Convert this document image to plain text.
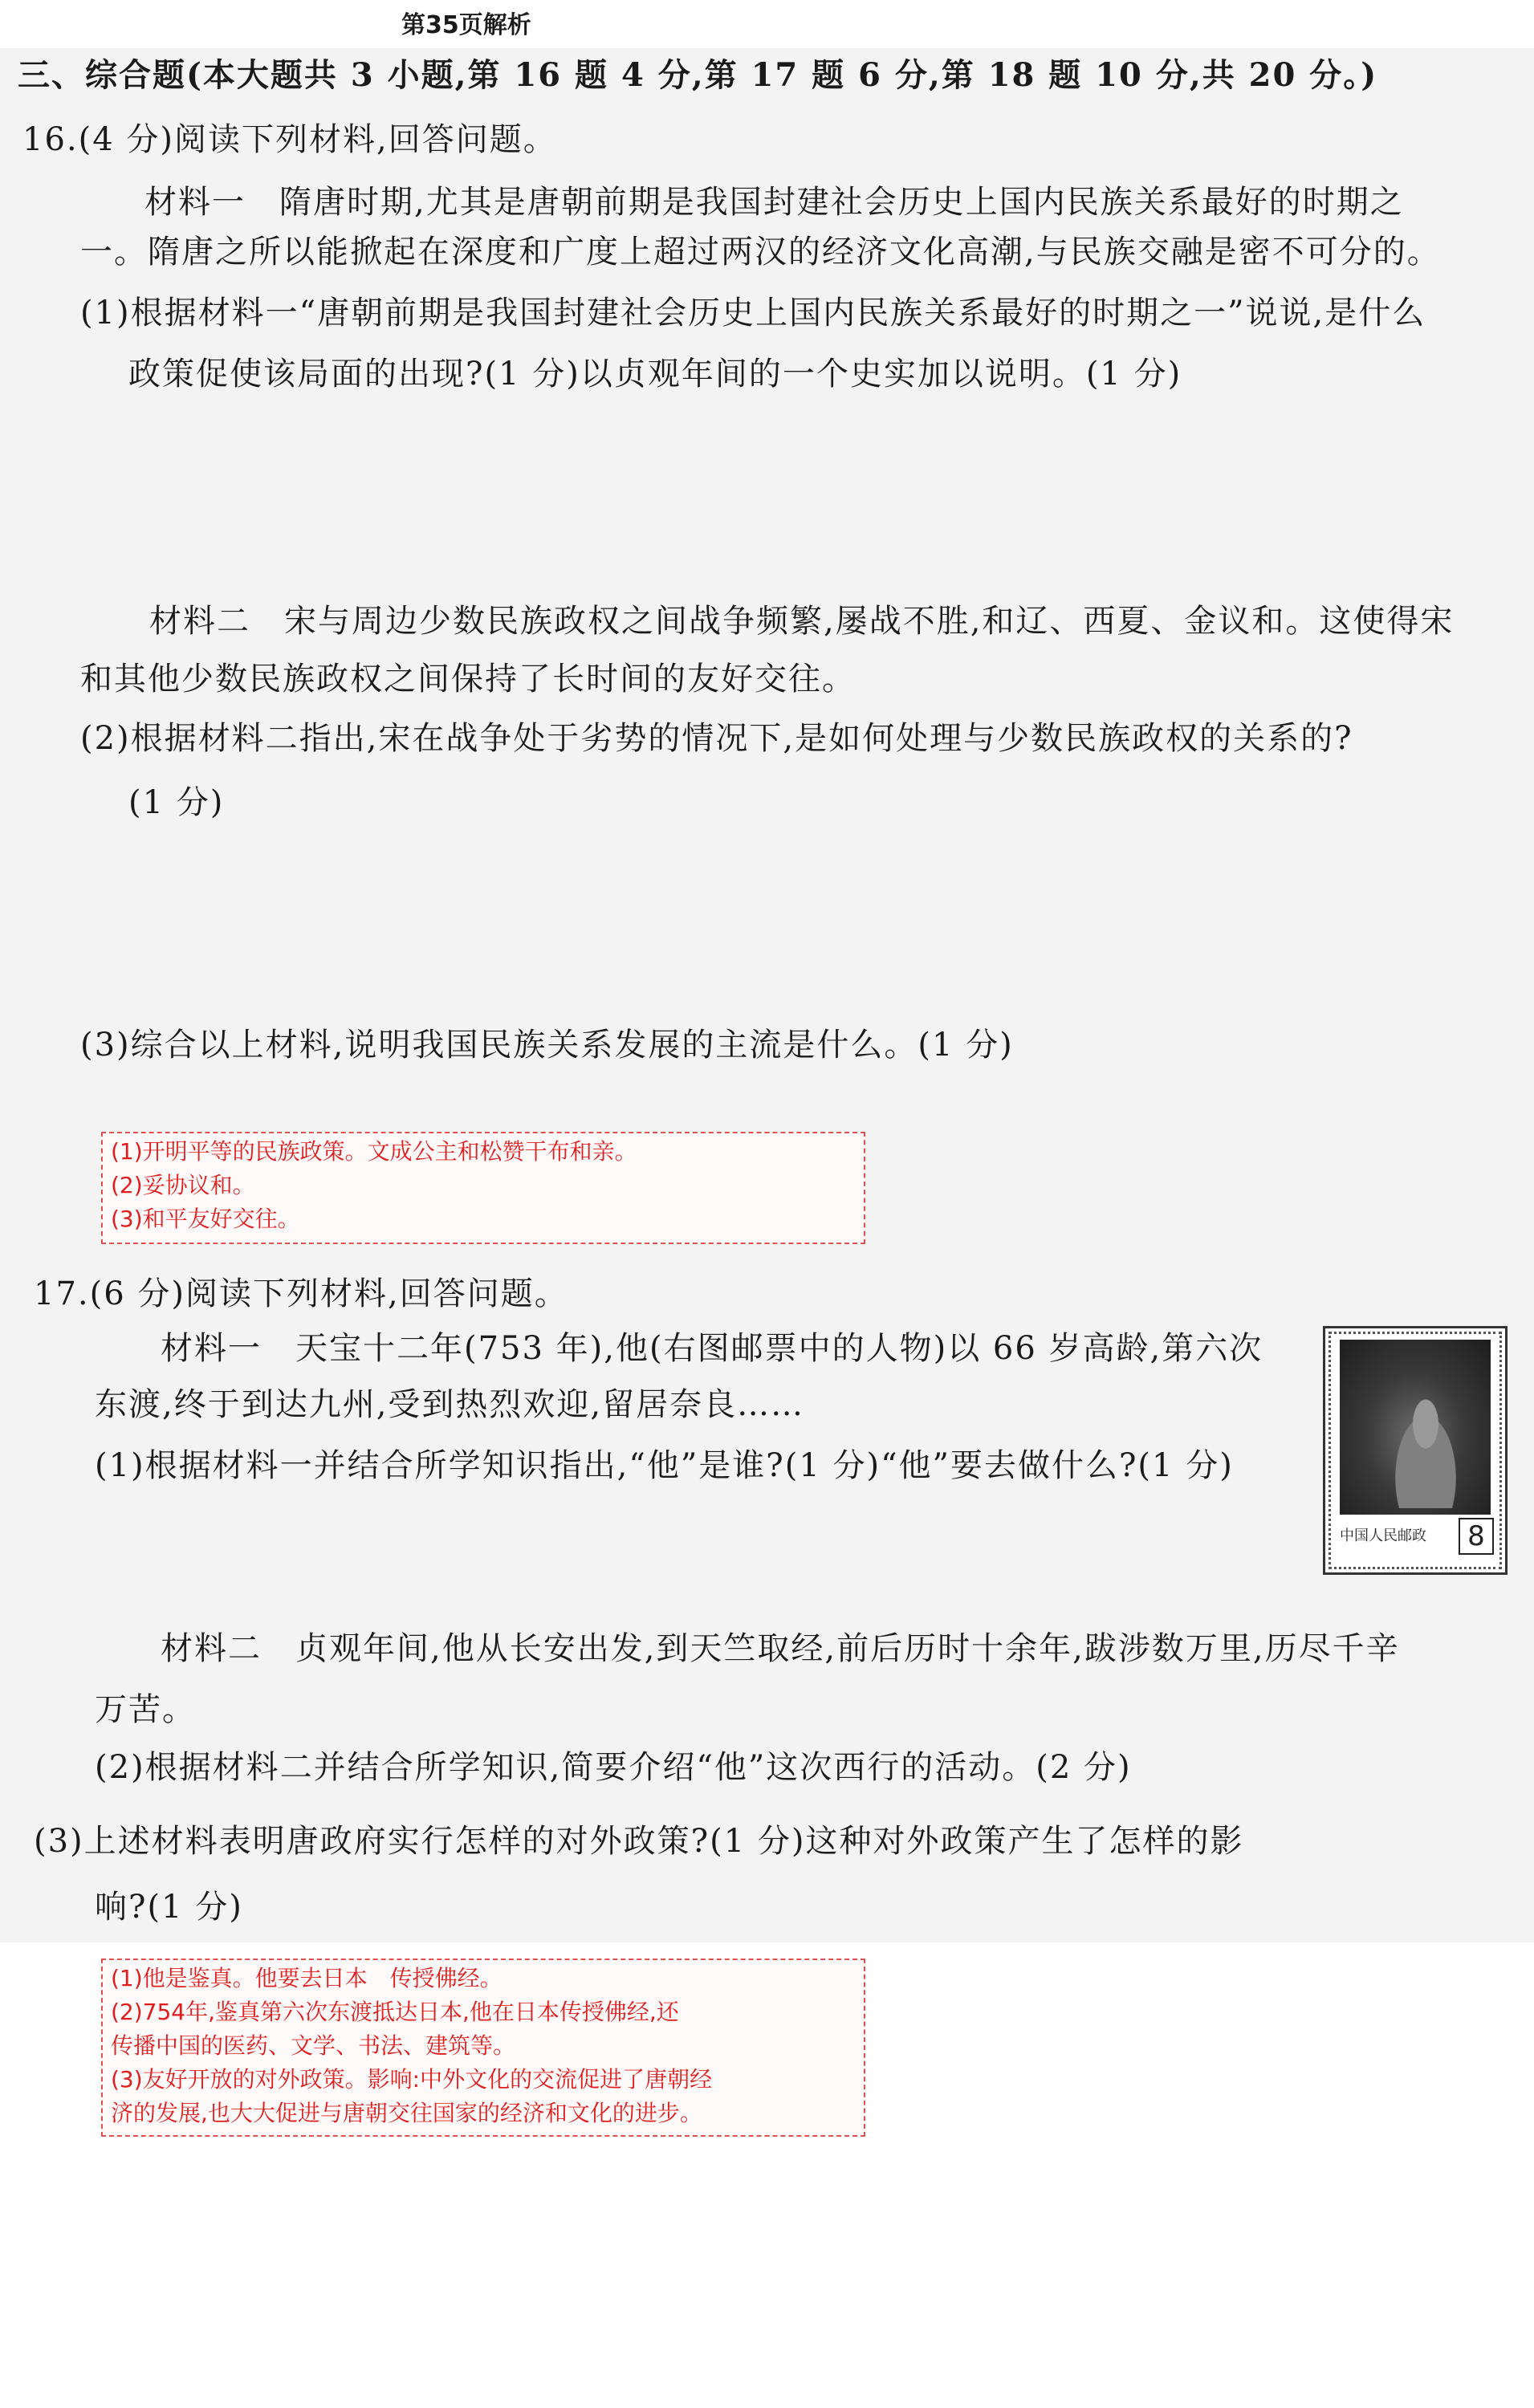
第35页解析
三、综合题(本大题共 3 小题,第 16 题 4 分,第 17 题 6 分,第 18 题 10 分,共 20 分。)
16.(4 分)阅读下列材料,回答问题。
材料一　隋唐时期,尤其是唐朝前期是我国封建社会历史上国内民族关系最好的时期之
一。隋唐之所以能掀起在深度和广度上超过两汉的经济文化高潮,与民族交融是密不可分的。
(1)根据材料一“唐朝前期是我国封建社会历史上国内民族关系最好的时期之一”说说,是什么
政策促使该局面的出现?(1 分)以贞观年间的一个史实加以说明。(1 分)
材料二　宋与周边少数民族政权之间战争频繁,屡战不胜,和辽、西夏、金议和。这使得宋
和其他少数民族政权之间保持了长时间的友好交往。
(2)根据材料二指出,宋在战争处于劣势的情况下,是如何处理与少数民族政权的关系的?
(1 分)
(3)综合以上材料,说明我国民族关系发展的主流是什么。(1 分)
(1)开明平等的民族政策。文成公主和松赞干布和亲。
(2)妥协议和。
(3)和平友好交往。
17.(6 分)阅读下列材料,回答问题。
材料一　天宝十二年(753 年),他(右图邮票中的人物)以 66 岁高龄,第六次
东渡,终于到达九州,受到热烈欢迎,留居奈良……
(1)根据材料一并结合所学知识指出,“他”是谁?(1 分)“他”要去做什么?(1 分)
中国人民邮政	8
材料二　贞观年间,他从长安出发,到天竺取经,前后历时十余年,跋涉数万里,历尽千辛
万苦。
(2)根据材料二并结合所学知识,简要介绍“他”这次西行的活动。(2 分)
(3)上述材料表明唐政府实行怎样的对外政策?(1 分)这种对外政策产生了怎样的影
响?(1 分)
(1)他是鉴真。他要去日本　传授佛经。
(2)754年,鉴真第六次东渡抵达日本,他在日本传授佛经,还
传播中国的医药、文学、书法、建筑等。
(3)友好开放的对外政策。影响:中外文化的交流促进了唐朝经
济的发展,也大大促进与唐朝交往国家的经济和文化的进步。
